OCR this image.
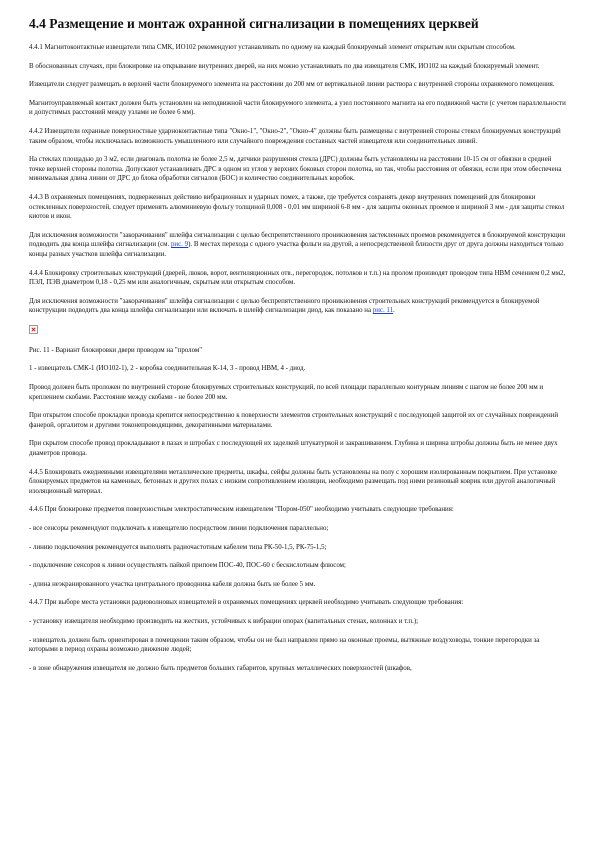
4.4 Размещение и монтаж охранной сигнализации в помещениях церквей

4.4.1 Магнитоконтактные извещатели типа СМК, ИО102 рекомендуют устанавливать по одному на каждый блокируемый элемент открытым или скрытым способом.

В обоснованных случаях, при блокировке на открывание внутренних дверей, на них можно устанавливать по два извещателя СМК, ИО102 на каждый блокируемый элемент.

Извещатели следует размещать в верхней части блокируемого элемента на расстоянии до 200 мм от вертикальной линии раствора с внутренней стороны охраняемого помещения.

Магнитоуправляемый контакт должен быть установлен на неподвижной части блокируемого элемента, а узел постоянного магнита на его подвижной части (с учетом параллельности и допустимых расстояний между узлами не более 6 мм).

4.4.2 Извещатели охранные поверхностные ударноконтактные типа "Окно-1", "Окно-2", "Окно-4" должны быть размещены с внутренней стороны стекол блокируемых конструкций таким образом, чтобы исключалась возможность умышленного или случайного повреждения составных частей извещателя или соединительных линий.

На стеклах площадью до 3 м2, если диагональ полотна не более 2,5 м, датчики разрушения стекла (ДРС) должны быть установлены на расстоянии 10-15 см от обвязки в средней точке верхней стороны полотна. Допускают устанавливать ДРС в одном из углов у верхних боковых сторон полотна, но так, чтобы расстояния от обвязки, если при этом обеспечена минимальная длина линии от ДРС до блока обработки сигналов (БОС) и количество соединительных коробок.

4.4.3 В охраняемых помещениях, подверженных действию вибрационных и ударных помех, а также, где требуется сохранять декор внутренних помещений для блокировки остекленных поверхностей, следует применять алюминиевую фольгу толщиной 0,008 - 0,01 мм шириной 6-8 мм - для защиты оконных проемов и шириной 3 мм - для защиты стекол киотов и икон.

Для исключения возможности "закорачивания" шлейфа сигнализации с целью беспрепятственного проникновения застекленных проемов рекомендуется в блокируемой конструкции подводить два конца шлейфа сигнализации (см. рис. 9). В местах перехода с одного участка фольги на другой, а непосредственной близости друг от друга должны находиться только концы разных участков шлейфа сигнализации.

4.4.4 Блокировку строительных конструкций (дверей, люков, ворот, вентиляционных отв., перегородок, потолков и т.п.) на пролом производят проводом типа НВМ сечением 0,2 мм2, ПЭЛ, ПЭВ диаметром 0,18 - 0,25 мм или аналогичным, скрытым или открытым способом.

Для исключения возможности "закорачивания" шлейфа сигнализации с целью беспрепятственного проникновения строительных конструкций рекомендуется в блокируемой конструкции подводить два конца шлейфа сигнализации или включать в шлейф сигнализации диод, как показано на рис. 11.

Рис. 11 - Вариант блокировки двери проводом на "пролом"

1 - извещатель СМК-1 (ИО102-1), 2 - коробка соединительная К-14, 3 - провод НВМ, 4 - диод.

Провод должен быть проложен по внутренней стороне блокируемых строительных конструкций, по всей площади параллельно контурным линиям с шагом не более 200 мм и креплением скобами. Расстояние между скобами - не более 200 мм.

При открытом способе прокладки провода крепится непосредственно к поверхности элементов строительных конструкций с последующей защитой их от случайных повреждений фанерой, оргалитом и другими токонепроводящими, декоративными материалами.

При скрытом способе провод прокладывают в пазах и штробах с последующей их заделкой штукатуркой и закрашиванием. Глубина и ширина штробы должны быть не менее двух диаметров провода.

4.4.5 Блокировать ежедневными извещателями металлические предметы, шкафы, сейфы должны быть установлены на полу с хорошим изолированным покрытием. При установке блокируемых предметов на каменных, бетонных и других полах с низким сопротивлением изоляции, необходимо размещать под ними резиновый коврик или другой аналогичный изоляционный материал.

4.4.6 При блокировке предметов поверхностным электростатическим извещателем "Пором-050" необходимо учитывать следующие требования:

- все сенсоры рекомендуют подключать к извещателю посредством линии подключения параллельно;

- линию подключения рекомендуется выполнять радиочастотным кабелем типа РК-50-1,5, РК-75-1,5;

- подключение сенсоров к линии осуществлять пайкой припоем ПОС-40, ПОС-60 с бескислотным флюсом;

- длина неэкранированного участка центрального проводника кабеля должна быть не более 5 мм.

4.4.7 При выборе места установки радиоволновых извещателей в охраняемых помещениях церквей необходимо учитывать следующие требования:

- установку извещателя необходимо производить на жестких, устойчивых к вибрации опорах (капитальных стенах, колоннах и т.п.);

- извещатель должен быть ориентирован в помещении таким образом, чтобы он не был направлен прямо на оконные проемы, вытяжные воздуховоды, тонкие перегородки за которыми в период охраны возможно движение людей;

- в зоне обнаружения извещателя не должно быть предметов больших габаритов, крупных металлических поверхностей (шкафов,
